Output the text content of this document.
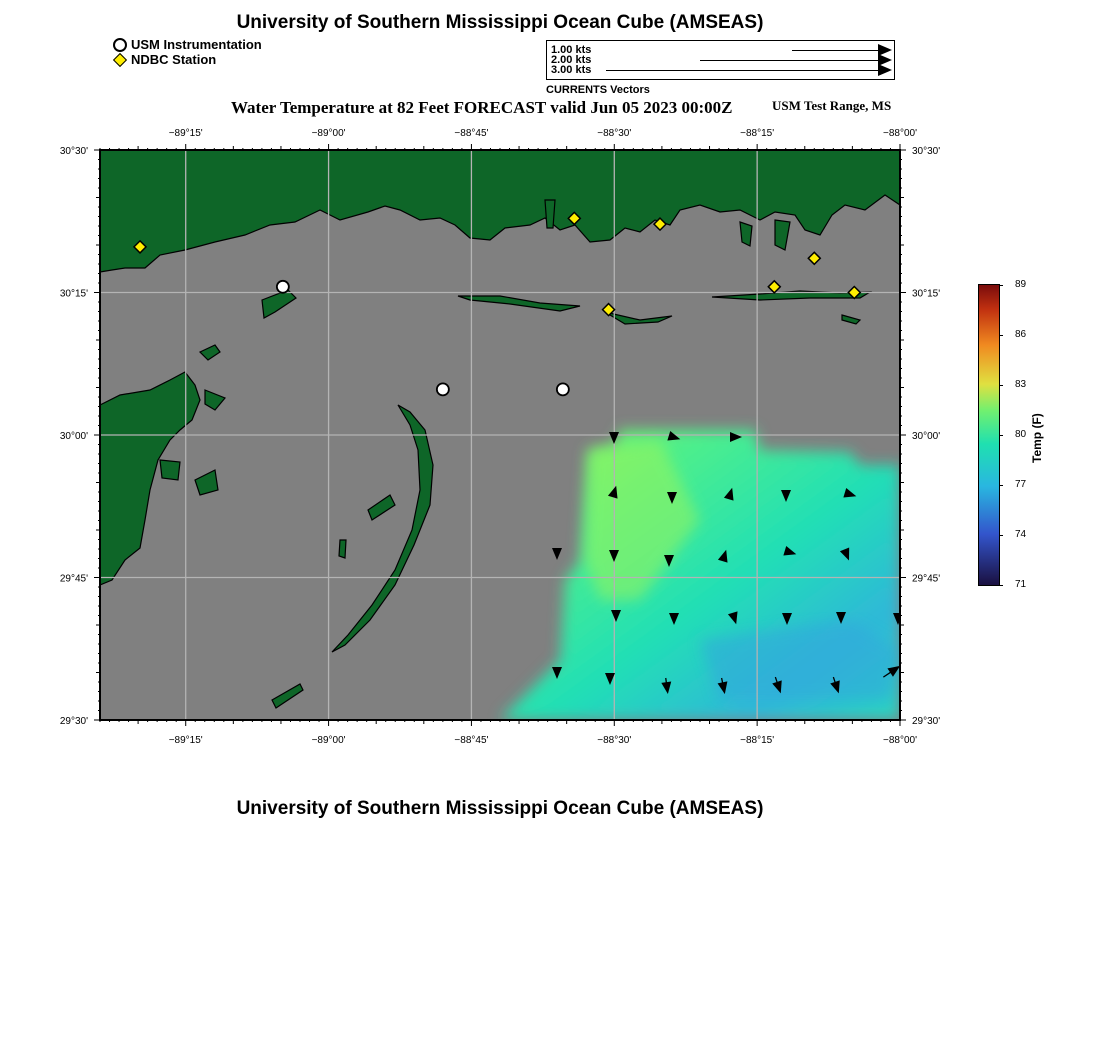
University of Southern Mississippi Ocean Cube (AMSEAS)
USM Instrumentation
NDBC Station
1.00 kts
2.00 kts
3.00 kts
CURRENTS Vectors
Water Temperature at 82 Feet FORECAST valid Jun 05 2023 00:00Z	USM Test Range, MS
−89°15'
−89°15'
−89°00'
−89°00'
−88°45'
−88°45'
−88°30'
−88°30'
−88°15'
−88°15'
−88°00'
−88°00'
30°30'	30°30'
30°15'	30°15'
30°00'	30°00'
29°45'	29°45'
29°30'	29°30'
89
86
83
80
77
74
71
Temp (F)
University of Southern Mississippi Ocean Cube (AMSEAS)
